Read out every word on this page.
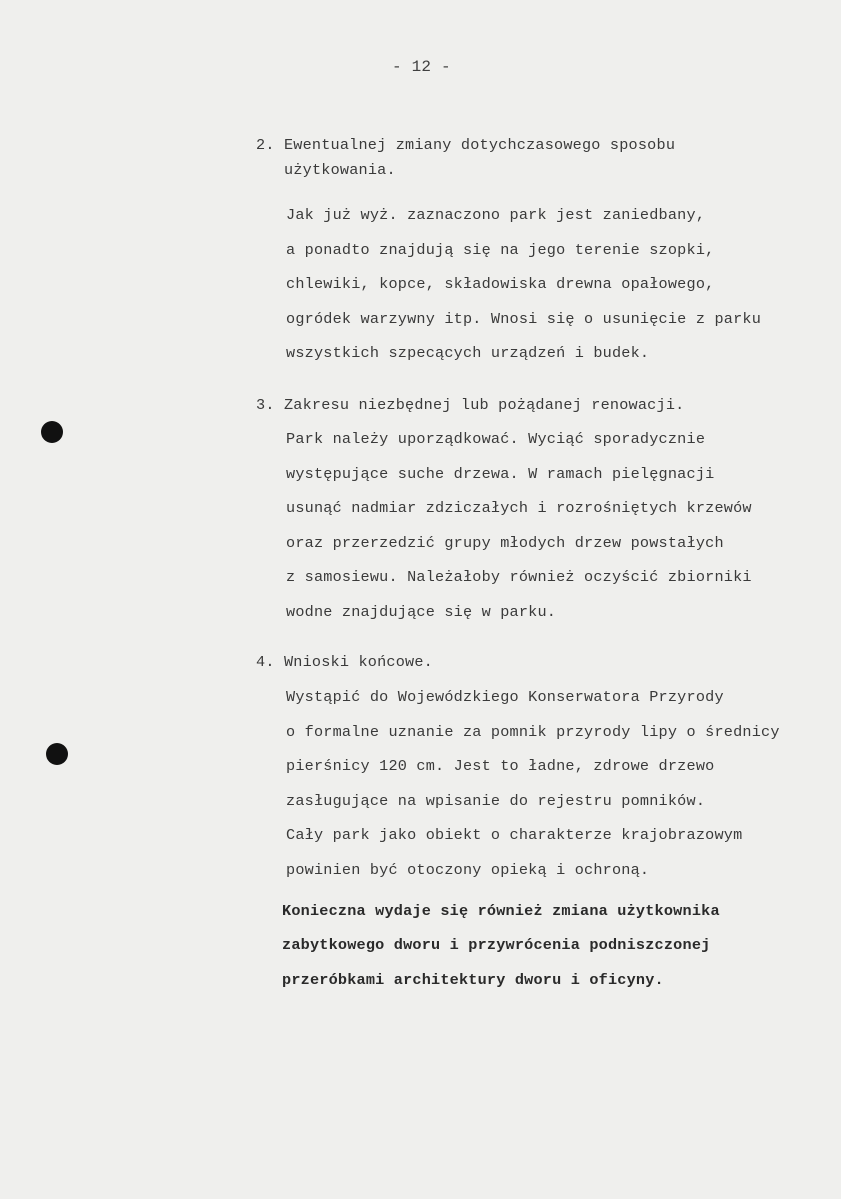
- 12 -
2. Ewentualnej zmiany dotychczasowego sposobu
użytkowania.
Jak już wyż. zaznaczono park jest zaniedbany,
a ponadto znajdują się na jego terenie szopki,
chlewiki, kopce, składowiska drewna opałowego,
ogródek warzywny itp. Wnosi się o usunięcie z parku
wszystkich szpecących urządzeń i budek.
3. Zakresu niezbędnej lub pożądanej renowacji.
Park należy uporządkować. Wyciąć sporadycznie
występujące suche drzewa. W ramach pielęgnacji
usunąć nadmiar zdziczałych i rozrośniętych krzewów
oraz przerzedzić grupy młodych drzew powstałych
z samosiewu. Należałoby również oczyścić zbiorniki
wodne znajdujące się w parku.
4. Wnioski końcowe.
Wystąpić do Wojewódzkiego Konserwatora Przyrody
o formalne uznanie za pomnik przyrody lipy o średnicy
pierśnicy 120 cm. Jest to ładne, zdrowe drzewo
zasługujące na wpisanie do rejestru pomników.
Cały park jako obiekt o charakterze krajobrazowym
powinien być otoczony opieką i ochroną.
Konieczna wydaje się również zmiana użytkownika
zabytkowego dworu i przywrócenia podniszczonej
przeróbkami architektury dworu i oficyny.
